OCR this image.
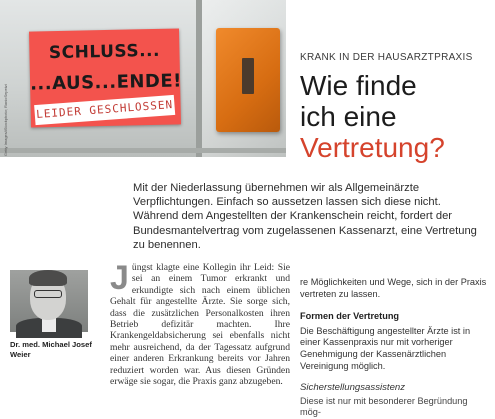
SCHLUSS...
...AUS...ENDE!
LEIDER GESCHLOSSEN
Getty Images/iStockphoto; RanioSepetzi
KRANK IN DER HAUSARZTPRAXIS
Wie finde
ich eine
Vertretung?

Mit der Niederlassung übernehmen wir als Allgemeinärzte Verpflichtungen. Einfach so aussetzen lassen sich diese nicht. Während dem Angestellten der Krankenschein reicht, fordert der Bundesmantelvertrag vom zugelassenen Kassenarzt, eine Vertretung zu benennen.

Dr. med. Michael Josef Weier
J üngst klagte eine Kollegin ihr Leid: Sie sei an einem Tumor erkrankt und erkundigte sich nach einem üblichen Gehalt für angestellte Ärzte. Sie sorge sich, dass die zusätzlichen Personalkosten ihren Betrieb defizitär machten. Ihre Krankengeldabsicherung sei ebenfalls nicht mehr ausreichend, da der Tagessatz aufgrund einer anderen Erkrankung bereits vor Jahren reduziert worden war. Aus diesen Gründen erwäge sie sogar, die Praxis ganz abzugeben.

re Möglichkeiten und Wege, sich in der Praxis vertreten zu lassen.

Formen der Vertretung

Die Beschäftigung angestellter Ärzte ist in einer Kassenpraxis nur mit vorheriger Genehmigung der Kassenärztlichen Vereinigung möglich.

Sicherstellungsassistenz

Diese ist nur mit besonderer Begründung mög-
